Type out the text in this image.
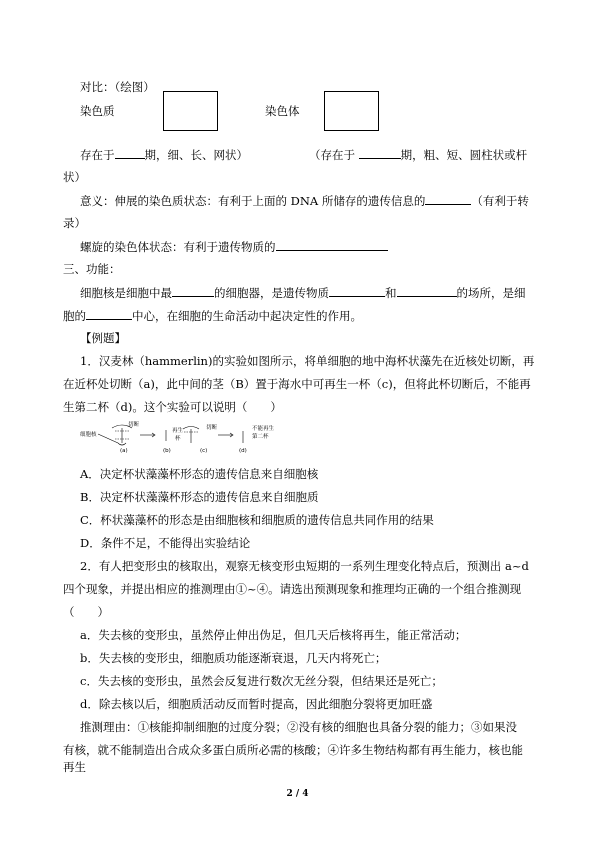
对比：（绘图）
染色质	染色体
存在于	期，细、长、网状）	（存在于	期，粗、短、圆柱状或杆
状）
意义：伸展的染色质状态：有利于上面的 DNA 所储存的遗传信息的	（有利于转
录）
螺旋的染色体状态：有利于遗传物质的
三、功能：
细胞核是细胞中最	的细胞器，是遗传物质	和	的场所，是细
胞的	中心，在细胞的生命活动中起决定性的作用。
【例题】
1．汉麦林（hammerlin)的实验如图所示，将单细胞的地中海杯状藻先在近核处切断，再
在近杯处切断（a)，此中间的茎（B）置于海水中可再生一杯（c)，但将此杯切断后，不能再
生第二杯（d)。这个实验可以说明（　　）
细胞核
切断
再生
杯
切断	不能再生
第二杯
(a)	(b)	(c)	(d)
A．决定杯状藻藻杯形态的遗传信息来自细胞核
B．决定杯状藻藻杯形态的遗传信息来自细胞质
C．杯状藻藻杯的形态是由细胞核和细胞质的遗传信息共同作用的结果
D．条件不足，不能得出实验结论
2．有人把变形虫的核取出，观察无核变形虫短期的一系列生理变化特点后，预测出 a~d
四个现象，并提出相应的推测理由①~④。请选出预测现象和推理均正确的一个组合推测现
（　　）
a．失去核的变形虫，虽然停止伸出伪足，但几天后核将再生，能正常活动；
b．失去核的变形虫，细胞质功能逐渐衰退，几天内将死亡；
c．失去核的变形虫，虽然会反复进行数次无丝分裂，但结果还是死亡；
d．除去核以后，细胞质活动反而暂时提高，因此细胞分裂将更加旺盛
推测理由：①核能抑制细胞的过度分裂；②没有核的细胞也具备分裂的能力；③如果没
有核，就不能制造出合成众多蛋白质所必需的核酸；④许多生物结构都有再生能力，核也能
再生
2 / 4
